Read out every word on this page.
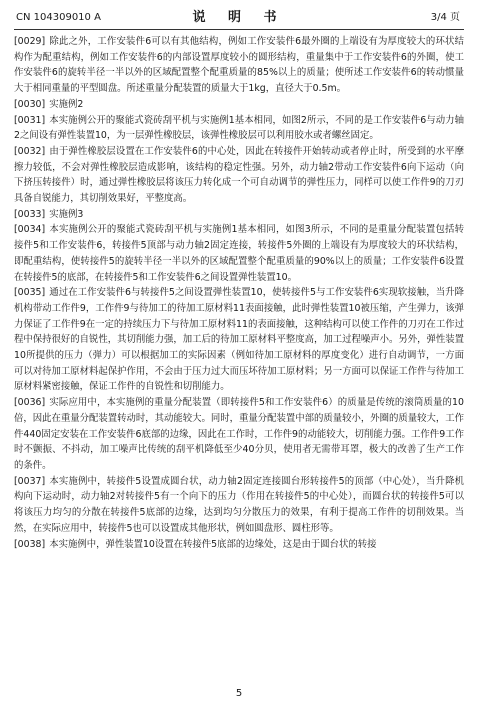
CN 104309010 A	说 明 书	3/4 页

[0029] 除此之外，工作安装件6可以有其他结构，例如工作安装件6最外圈的上端设有为厚度较大的环状结构作为配重结构，例如工作安装件6的内部设置厚度较小的圆形结构，重量集中于工作安装件6的外圈，使工作安装件6的旋转半径一半以外的区域配置整个配重质量的85%以上的质量；使所述工作安装件6的转动惯量大于相同重量的平型圆盘。所述重量分配装置的质量大于1kg，直径大于0.5m。

[0030] 实施例2

[0031] 本实施例公开的聚能式瓷砖刮平机与实施例1基本相同，如图2所示，不同的是工作安装件6与动力轴2之间设有弹性装置10，为一层弹性橡胶层，该弹性橡胶层可以利用胶水或者螺丝固定。

[0032] 由于弹性橡胶层设置在工作安装件6的中心处，因此在转接件开始转动或者停止时，所受到的水平摩擦力较低，不会对弹性橡胶层造成影响，该结构的稳定性强。另外，动力轴2带动工作安装件6向下运动（向下挤压转接件）时，通过弹性橡胶层将该压力转化成一个可自动调节的弹性压力，同样可以使工作件9的刀刃具备自锐能力，其切削效果好，平整度高。

[0033] 实施例3

[0034] 本实施例公开的聚能式瓷砖刮平机与实施例1基本相同，如图3所示，不同的是重量分配装置包括转接件5和工作安装件6，转接件5顶部与动力轴2固定连接，转接件5外圈的上端设有为厚度较大的环状结构，即配重结构，使转接件5的旋转半径一半以外的区域配置整个配重质量的90%以上的质量；工作安装件6设置在转接件5的底部，在转接件5和工作安装件6之间设置弹性装置10。

[0035] 通过在工作安装件6与转接件5之间设置弹性装置10，使转接件5与工作安装件6实现软接触，当升降机构带动工作件9，工作件9与待加工的待加工原材料11表面接触，此时弹性装置10被压缩，产生弹力，该弹力保证了工作件9在一定的持续压力下与待加工原材料11的表面接触，这种结构可以使工作件的刀刃在工作过程中保持很好的自锐性，其切削能力强，加工后的待加工原材料平整度高，加工过程噪声小。另外，弹性装置10所提供的压力（弹力）可以根据加工的实际因素（例如待加工原材料的厚度变化）进行自动调节，一方面可以对待加工原材料起保护作用，不会由于压力过大而压坏待加工原材料；另一方面可以保证工作件与待加工原材料紧密接触，保证工作件的自锐性和切削能力。

[0036] 实际应用中，本实施例的重量分配装置（即转接件5和工作安装件6）的质量是传统的滚筒质量的10倍，因此在重量分配装置转动时，其动能较大。同时，重量分配装置中部的质量较小，外圈的质量较大，工作件440固定安装在工作安装件6底部的边缘，因此在工作时，工作件9的动能较大，切削能力强。工作件9工作时不颤振、不抖动，加工噪声比传统的刮平机降低至少40分贝，使用者无需带耳罩，极大的改善了生产工作的条件。

[0037] 本实施例中，转接件5设置成圆台状，动力轴2固定连接圆台形转接件5的顶部（中心处），当升降机构向下运动时，动力轴2对转接件5有一个向下的压力（作用在转接件5的中心处），而圆台状的转接件5可以将该压力均匀的分散在转接件5底部的边缘，达到均匀分散压力的效果，有利于提高工作件的切削效果。当然，在实际应用中，转接件5也可以设置成其他形状，例如圆盘形、圆柱形等。

[0038] 本实施例中，弹性装置10设置在转接件5底部的边缘处，这是由于圆台状的转接

5
